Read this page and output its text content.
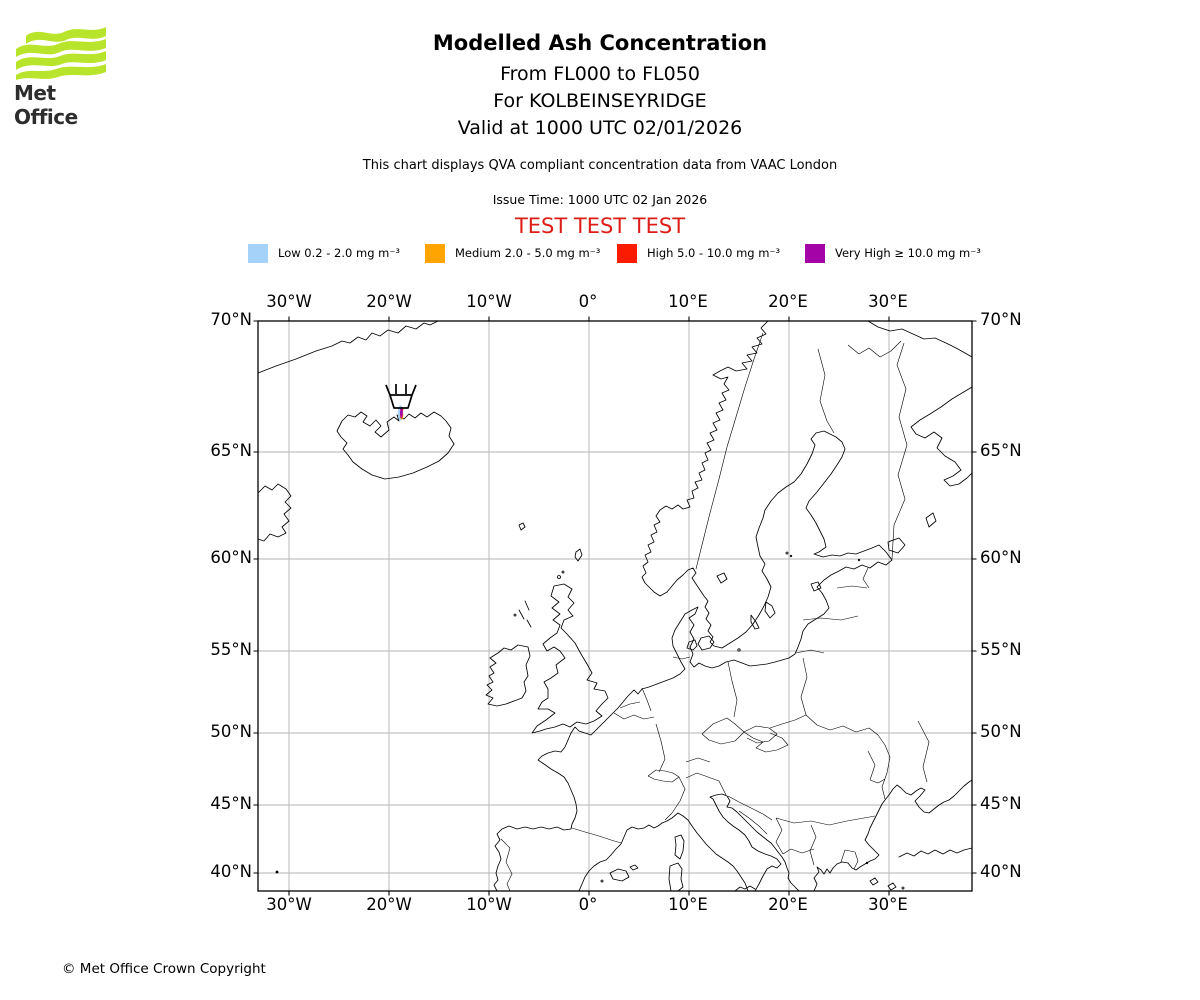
Met Office
Modelled Ash Concentration
From FL000 to FL050
For KOLBEINSEYRIDGE
Valid at 1000 UTC 02/01/2026
This chart displays QVA compliant concentration data from VAAC London
Issue Time: 1000 UTC 02 Jan 2026
TEST TEST TEST
Low 0.2 - 2.0 mg m⁻³	Medium 2.0 - 5.0 mg m⁻³	High 5.0 - 10.0 mg m⁻³	Very High ≥ 10.0 mg m⁻³
30°W	20°W	10°W	0°	10°E	20°E	30°E
30°W	20°W	10°W	0°	10°E	20°E	30°E
70°N
65°N
60°N
55°N
50°N
45°N
40°N
70°N
65°N
60°N
55°N
50°N
45°N
40°N
© Met Office Crown Copyright
